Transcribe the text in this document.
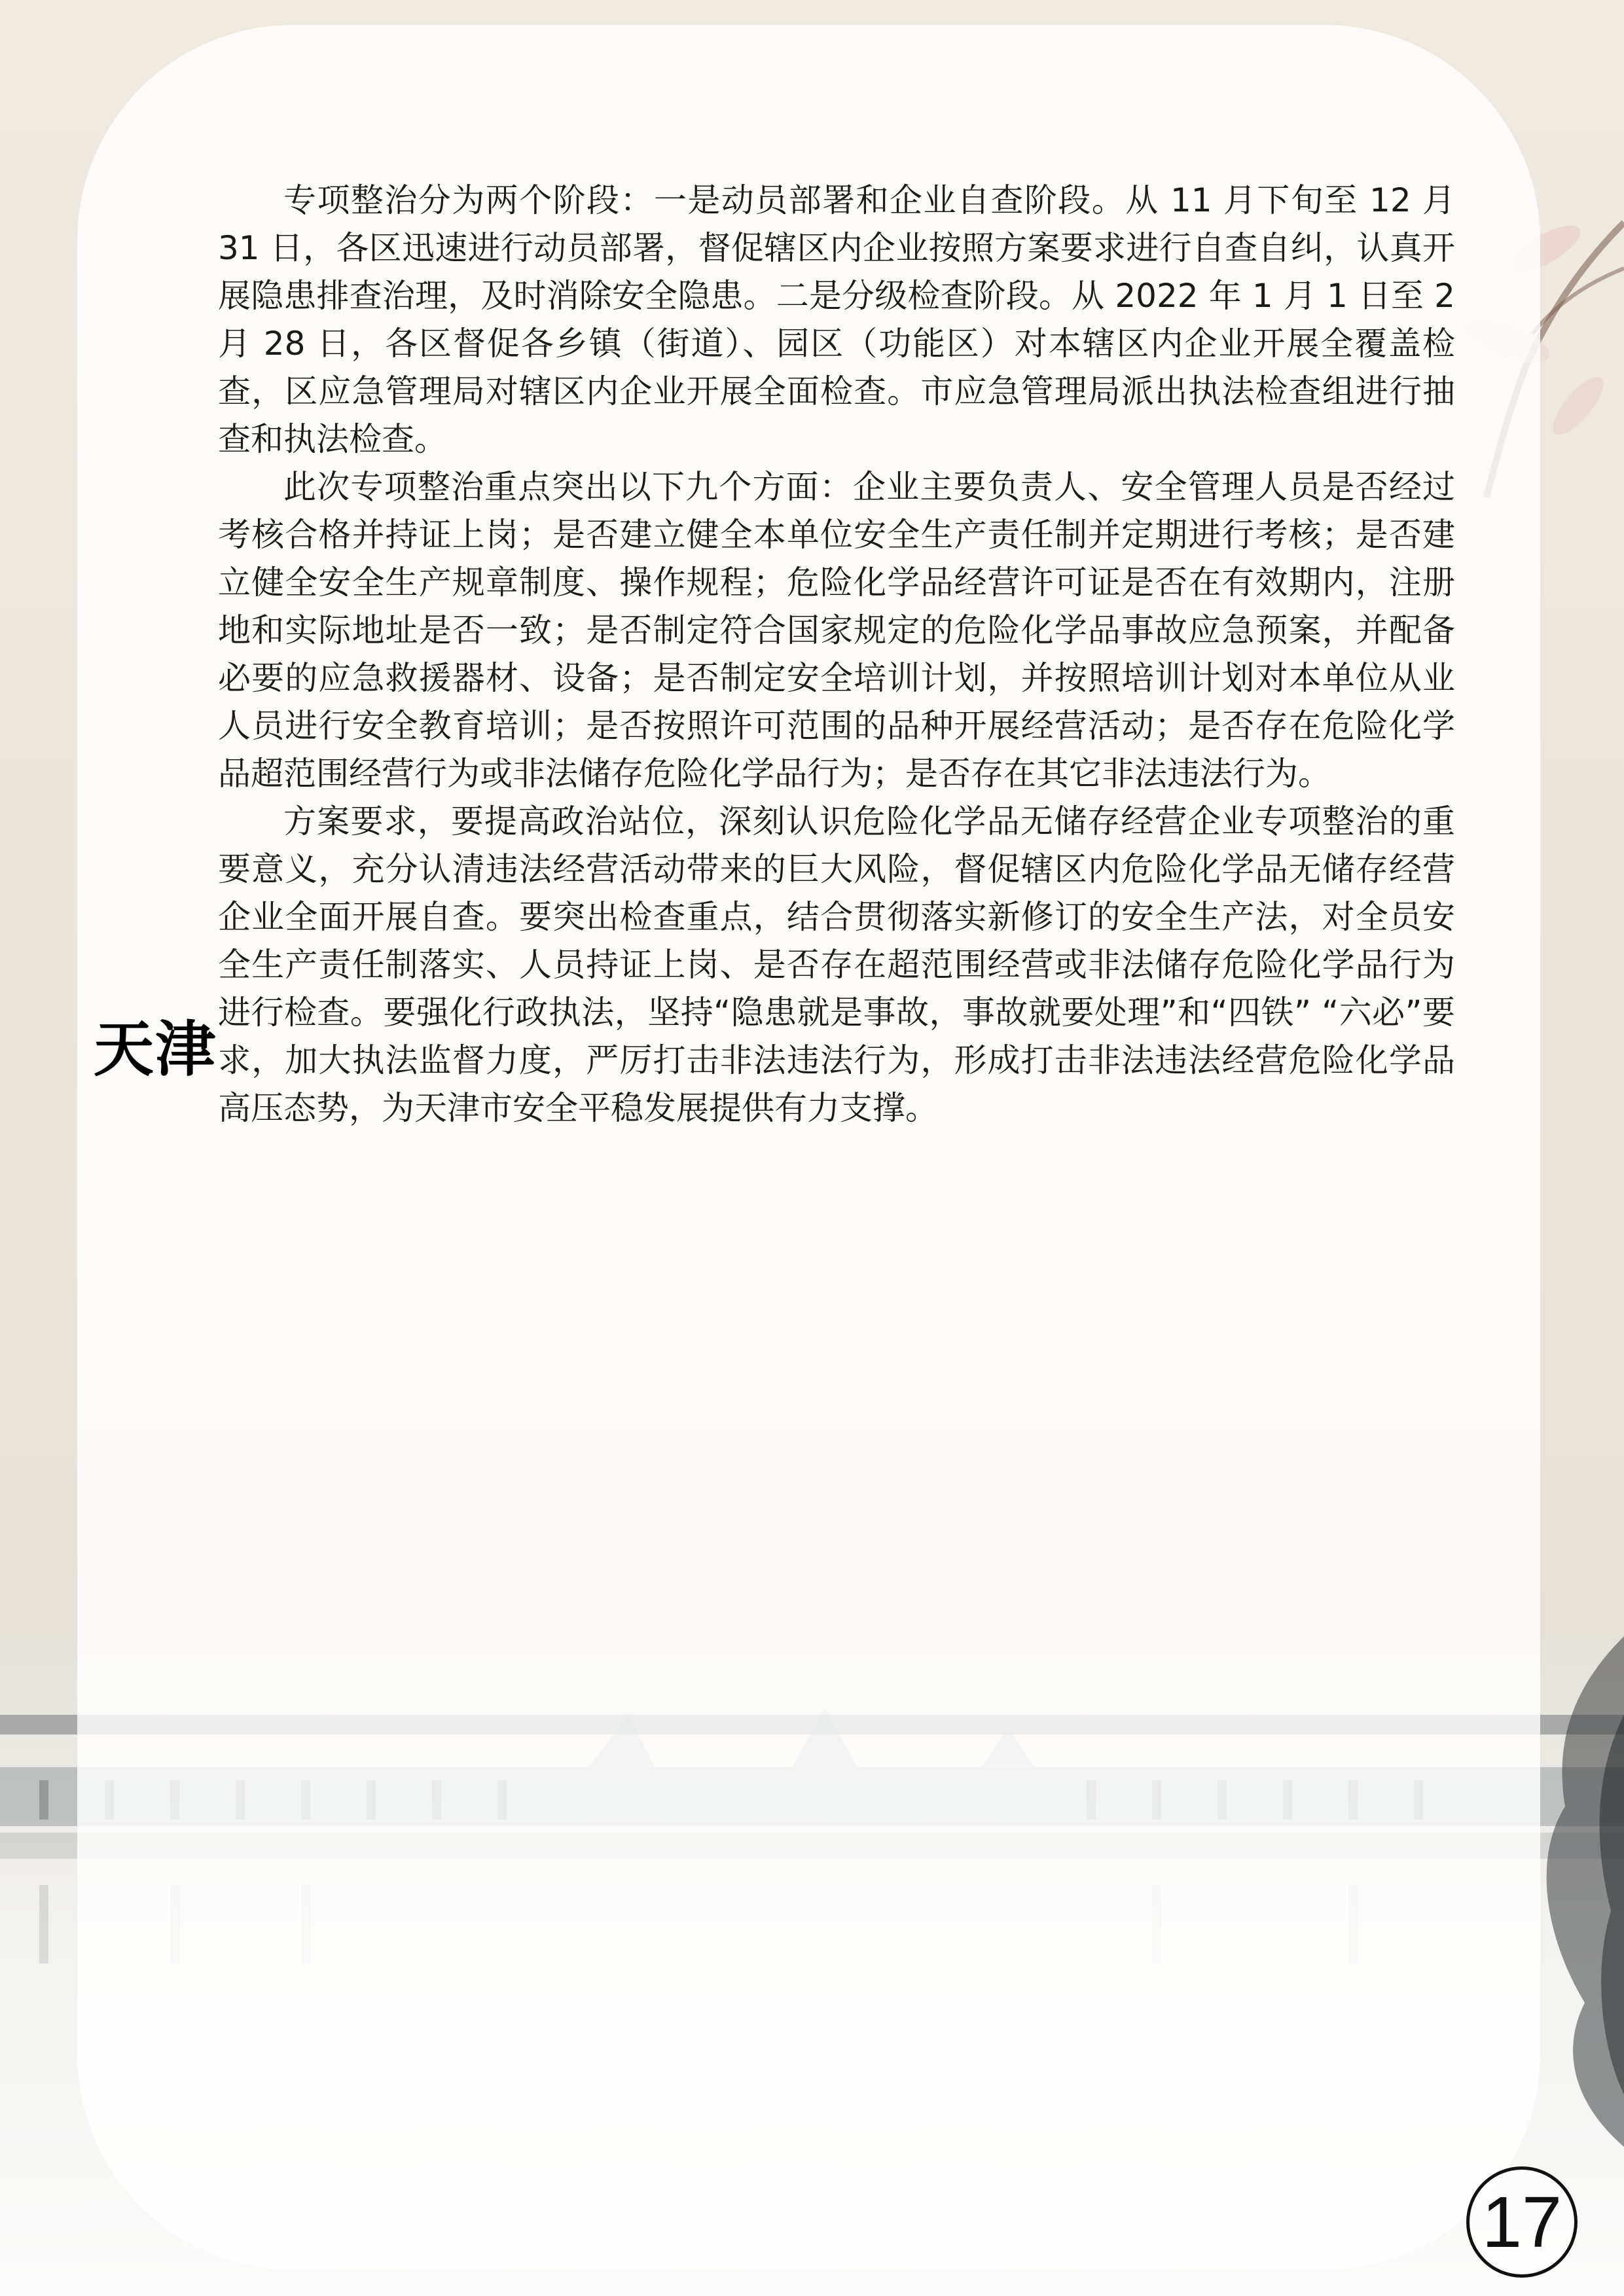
天津

专项整治分为两个阶段：一是动员部署和企业自查阶段。从 11 月下旬至 12 月 31 日，各区迅速进行动员部署，督促辖区内企业按照方案要求进行自查自纠，认真开展隐患排查治理，及时消除安全隐患。二是分级检查阶段。从 2022 年 1 月 1 日至 2 月 28 日，各区督促各乡镇（街道）、园区（功能区）对本辖区内企业开展全覆盖检查，区应急管理局对辖区内企业开展全面检查。市应急管理局派出执法检查组进行抽查和执法检查。

此次专项整治重点突出以下九个方面：企业主要负责人、安全管理人员是否经过考核合格并持证上岗；是否建立健全本单位安全生产责任制并定期进行考核；是否建立健全安全生产规章制度、操作规程；危险化学品经营许可证是否在有效期内，注册地和实际地址是否一致；是否制定符合国家规定的危险化学品事故应急预案，并配备必要的应急救援器材、设备；是否制定安全培训计划，并按照培训计划对本单位从业人员进行安全教育培训；是否按照许可范围的品种开展经营活动；是否存在危险化学品超范围经营行为或非法储存危险化学品行为；是否存在其它非法违法行为。

方案要求，要提高政治站位，深刻认识危险化学品无储存经营企业专项整治的重要意义，充分认清违法经营活动带来的巨大风险，督促辖区内危险化学品无储存经营企业全面开展自查。要突出检查重点，结合贯彻落实新修订的安全生产法，对全员安全生产责任制落实、人员持证上岗、是否存在超范围经营或非法储存危险化学品行为进行检查。要强化行政执法，坚持“隐患就是事故，事故就要处理”和“四铁” “六必”要求，加大执法监督力度，严厉打击非法违法行为，形成打击非法违法经营危险化学品高压态势，为天津市安全平稳发展提供有力支撑。

17
